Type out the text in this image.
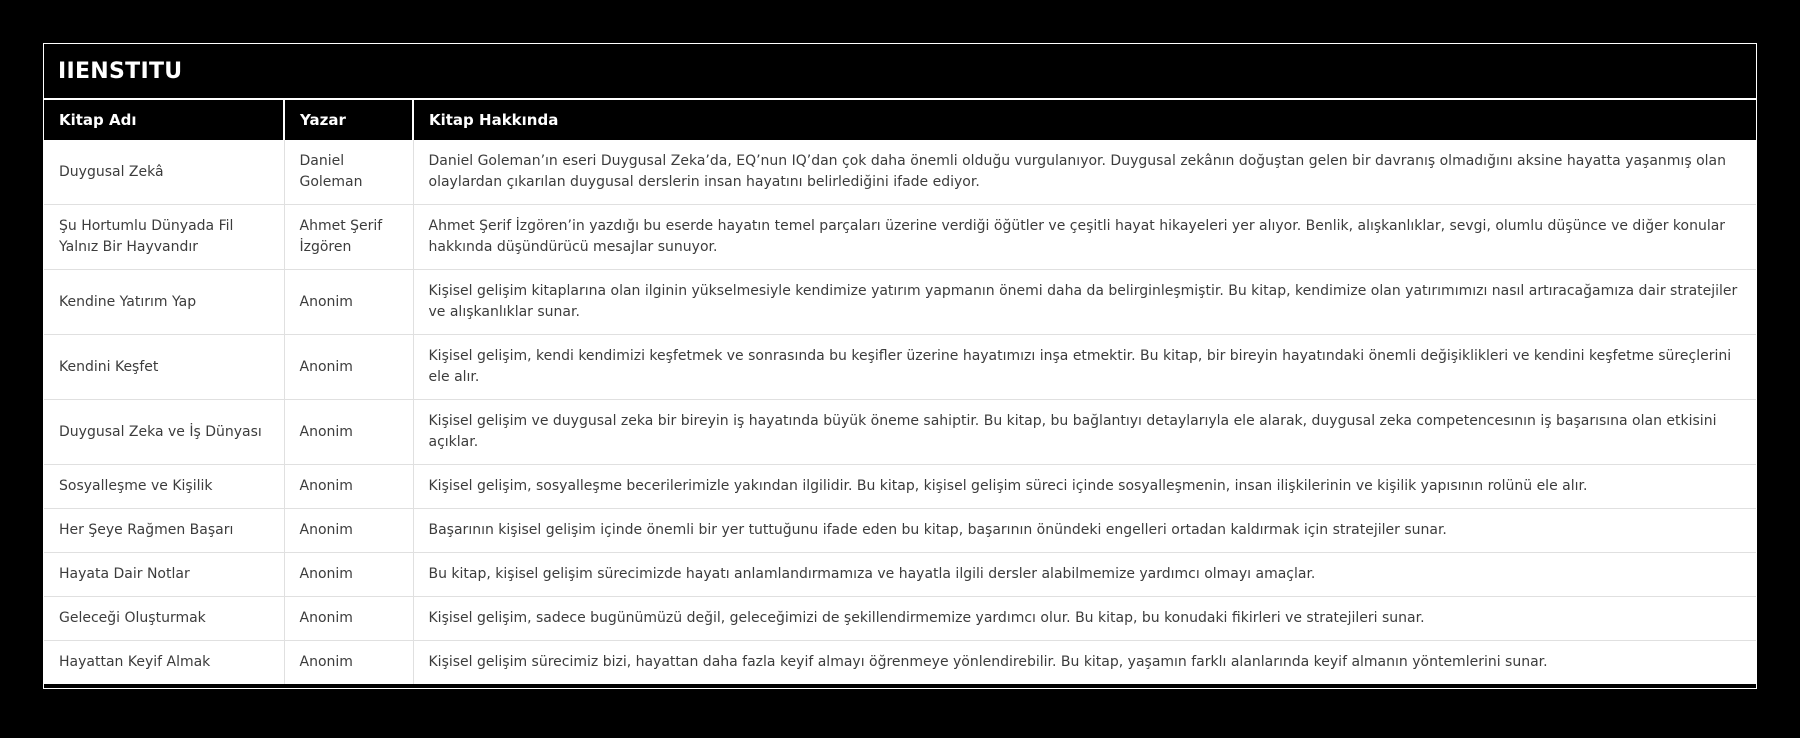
IIENSTITU
Kitap Adı	Yazar	Kitap Hakkında
Duygusal Zekâ	Daniel Goleman	Daniel Goleman’ın eseri Duygusal Zeka’da, EQ’nun IQ’dan çok daha önemli olduğu vurgulanıyor. Duygusal zekânın doğuştan gelen bir davranış olmadığını aksine hayatta yaşanmış olan olaylardan çıkarılan duygusal derslerin insan hayatını belirlediğini ifade ediyor.
Şu Hortumlu Dünyada Fil Yalnız Bir Hayvandır	Ahmet Şerif İzgören	Ahmet Şerif İzgören’in yazdığı bu eserde hayatın temel parçaları üzerine verdiği öğütler ve çeşitli hayat hikayeleri yer alıyor. Benlik, alışkanlıklar, sevgi, olumlu düşünce ve diğer konular hakkında düşündürücü mesajlar sunuyor.
Kendine Yatırım Yap	Anonim	Kişisel gelişim kitaplarına olan ilginin yükselmesiyle kendimize yatırım yapmanın önemi daha da belirginleşmiştir. Bu kitap, kendimize olan yatırımımızı nasıl artıracağamıza dair stratejiler ve alışkanlıklar sunar.
Kendini Keşfet	Anonim	Kişisel gelişim, kendi kendimizi keşfetmek ve sonrasında bu keşifler üzerine hayatımızı inşa etmektir. Bu kitap, bir bireyin hayatındaki önemli değişiklikleri ve kendini keşfetme süreçlerini ele alır.
Duygusal Zeka ve İş Dünyası	Anonim	Kişisel gelişim ve duygusal zeka bir bireyin iş hayatında büyük öneme sahiptir. Bu kitap, bu bağlantıyı detaylarıyla ele alarak, duygusal zeka competencesının iş başarısına olan etkisini açıklar.
Sosyalleşme ve Kişilik	Anonim	Kişisel gelişim, sosyalleşme becerilerimizle yakından ilgilidir. Bu kitap, kişisel gelişim süreci içinde sosyalleşmenin, insan ilişkilerinin ve kişilik yapısının rolünü ele alır.
Her Şeye Rağmen Başarı	Anonim	Başarının kişisel gelişim içinde önemli bir yer tuttuğunu ifade eden bu kitap, başarının önündeki engelleri ortadan kaldırmak için stratejiler sunar.
Hayata Dair Notlar	Anonim	Bu kitap, kişisel gelişim sürecimizde hayatı anlamlandırmamıza ve hayatla ilgili dersler alabilmemize yardımcı olmayı amaçlar.
Geleceği Oluşturmak	Anonim	Kişisel gelişim, sadece bugünümüzü değil, geleceğimizi de şekillendirmemize yardımcı olur. Bu kitap, bu konudaki fikirleri ve stratejileri sunar.
Hayattan Keyif Almak	Anonim	Kişisel gelişim sürecimiz bizi, hayattan daha fazla keyif almayı öğrenmeye yönlendirebilir. Bu kitap, yaşamın farklı alanlarında keyif almanın yöntemlerini sunar.
